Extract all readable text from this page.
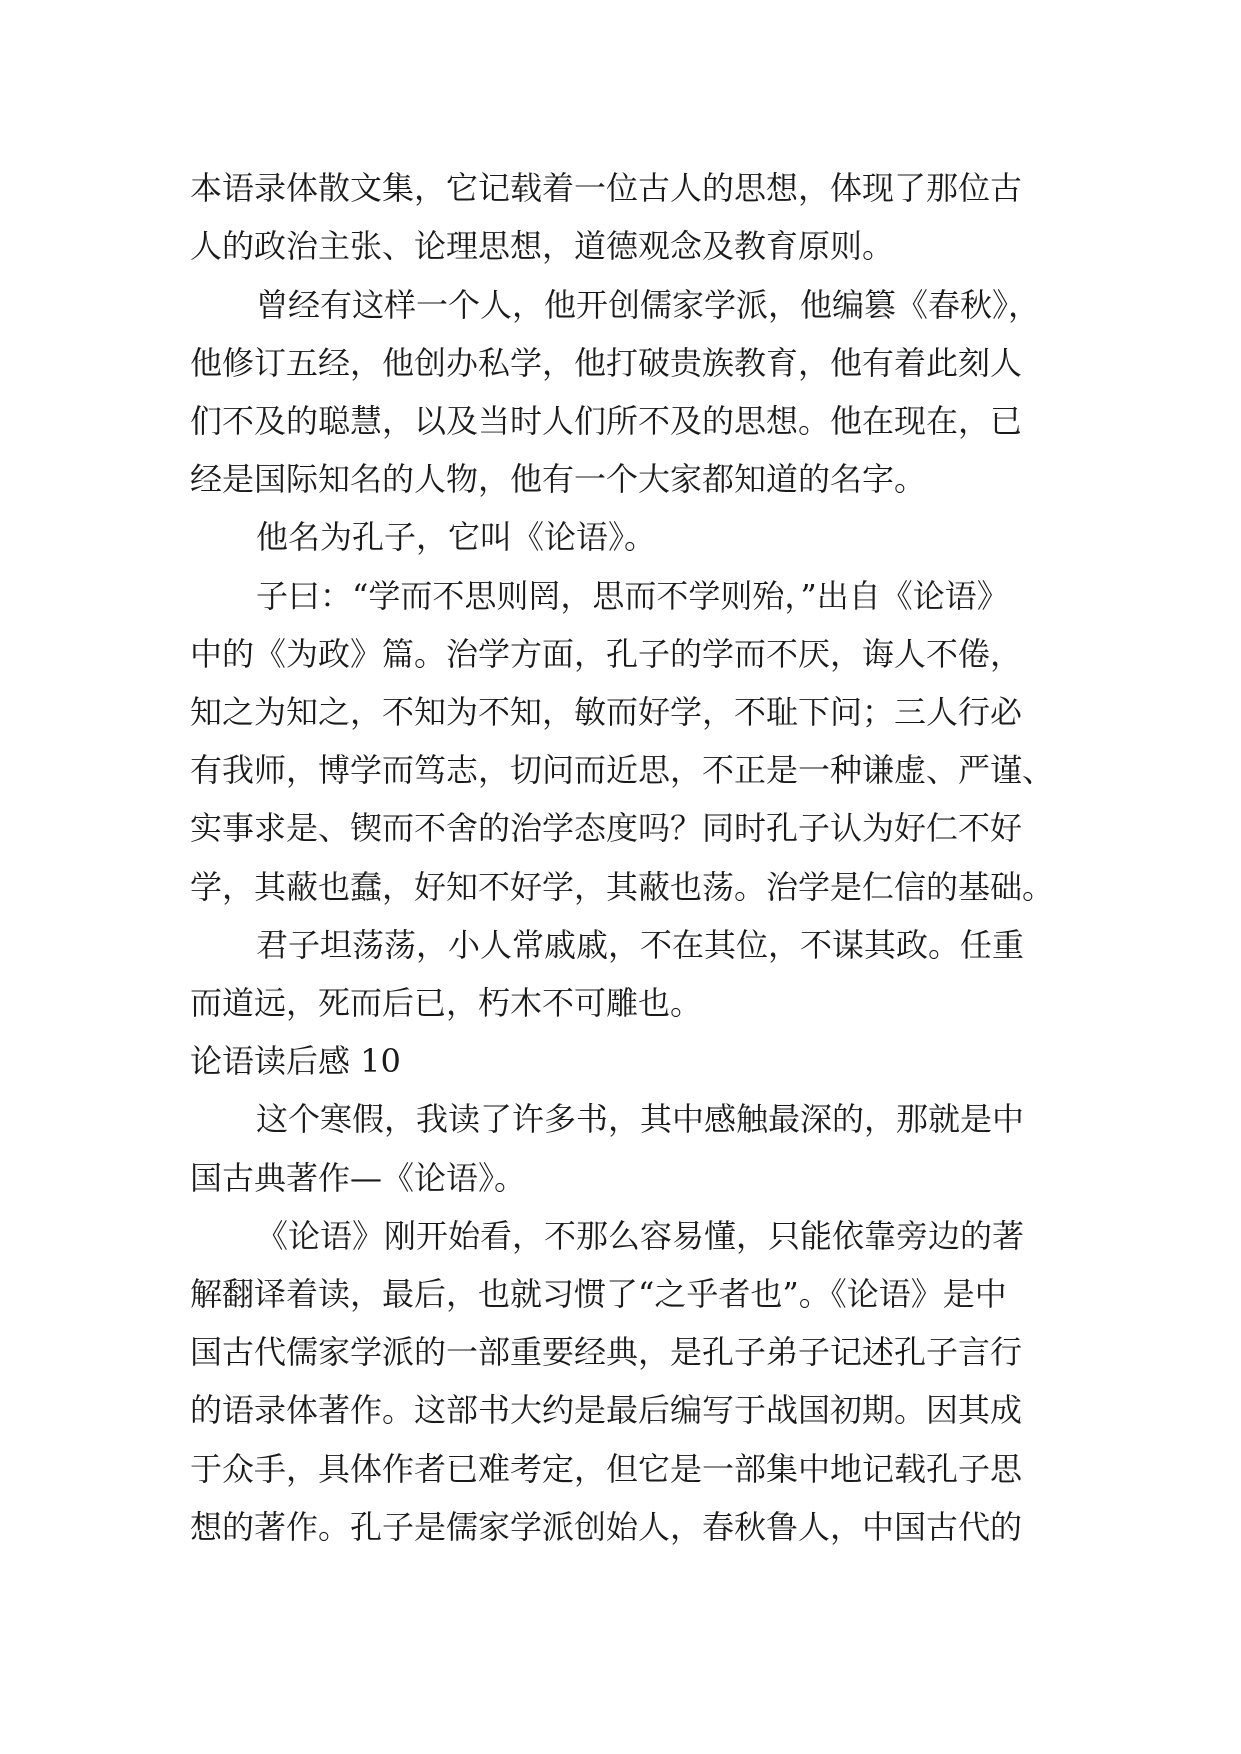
本语录体散文集，它记载着一位古人的思想，体现了那位古
人的政治主张、论理思想，道德观念及教育原则。
曾经有这样一个人，他开创儒家学派，他编篡《春秋》，
他修订五经，他创办私学，他打破贵族教育，他有着此刻人
们不及的聪慧，以及当时人们所不及的思想。他在现在，已
经是国际知名的人物，他有一个大家都知道的名字。
他名为孔子，它叫《论语》。
子曰：“学而不思则罔，思而不学则殆，”出自《论语》
中的《为政》篇。治学方面，孔子的学而不厌，诲人不倦，
知之为知之，不知为不知，敏而好学，不耻下问；三人行必
有我师，博学而笃志，切问而近思，不正是一种谦虚、严谨、
实事求是、锲而不舍的治学态度吗？同时孔子认为好仁不好
学，其蔽也蠢，好知不好学，其蔽也荡。治学是仁信的基础。
君子坦荡荡，小人常戚戚，不在其位，不谋其政。任重
而道远，死而后已，朽木不可雕也。
论语读后感 10
这个寒假，我读了许多书，其中感触最深的，那就是中
国古典著作—《论语》。
《论语》刚开始看，不那么容易懂，只能依靠旁边的著
解翻译着读，最后，也就习惯了“之乎者也”。《论语》是中
国古代儒家学派的一部重要经典，是孔子弟子记述孔子言行
的语录体著作。这部书大约是最后编写于战国初期。因其成
于众手，具体作者已难考定，但它是一部集中地记载孔子思
想的著作。孔子是儒家学派创始人，春秋鲁人，中国古代的
